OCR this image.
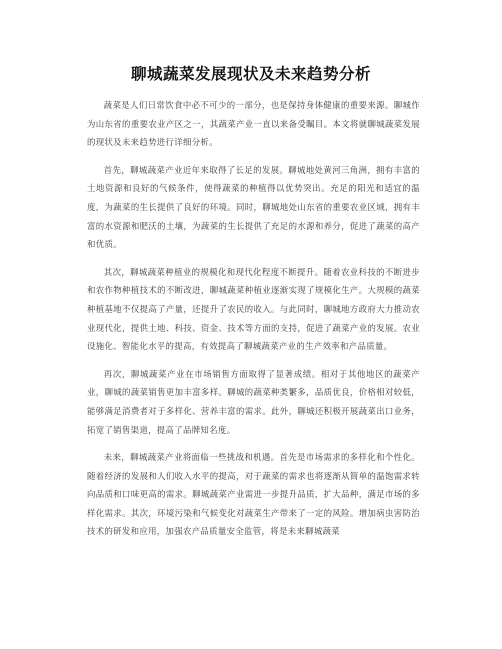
聊城蔬菜发展现状及未来趋势分析

蔬菜是人们日常饮食中必不可少的一部分，也是保持身体健康的重要来源。聊城作为山东省的重要农业产区之一，其蔬菜产业一直以来备受瞩目。本文将就聊城蔬菜发展的现状及未来趋势进行详细分析。

首先，聊城蔬菜产业近年来取得了长足的发展。聊城地处黄河三角洲，拥有丰富的土地资源和良好的气候条件，使得蔬菜的种植得以优势突出。充足的阳光和适宜的温度，为蔬菜的生长提供了良好的环境。同时，聊城地处山东省的重要农业区域，拥有丰富的水资源和肥沃的土壤，为蔬菜的生长提供了充足的水源和养分，促进了蔬菜的高产和优质。

其次，聊城蔬菜种植业的规模化和现代化程度不断提升。随着农业科技的不断进步和农作物种植技术的不断改进，聊城蔬菜种植业逐渐实现了规模化生产。大规模的蔬菜种植基地不仅提高了产量，还提升了农民的收入。与此同时，聊城地方政府大力推动农业现代化，提供土地、科技、资金、技术等方面的支持，促进了蔬菜产业的发展。农业设施化、智能化水平的提高，有效提高了聊城蔬菜产业的生产效率和产品质量。

再次，聊城蔬菜产业在市场销售方面取得了显著成绩。相对于其他地区的蔬菜产业，聊城的蔬菜销售更加丰富多样。聊城的蔬菜种类繁多，品质优良，价格相对较低，能够满足消费者对于多样化、营养丰富的需求。此外，聊城还积极开展蔬菜出口业务，拓宽了销售渠道，提高了品牌知名度。

未来，聊城蔬菜产业将面临一些挑战和机遇。首先是市场需求的多样化和个性化。随着经济的发展和人们收入水平的提高，对于蔬菜的需求也将逐渐从简单的温饱需求转向品质和口味更高的需求。聊城蔬菜产业需进一步提升品质，扩大品种，满足市场的多样化需求。其次，环境污染和气候变化对蔬菜生产带来了一定的风险。增加病虫害防治技术的研发和应用，加强农产品质量安全监管，将是未来聊城蔬菜
